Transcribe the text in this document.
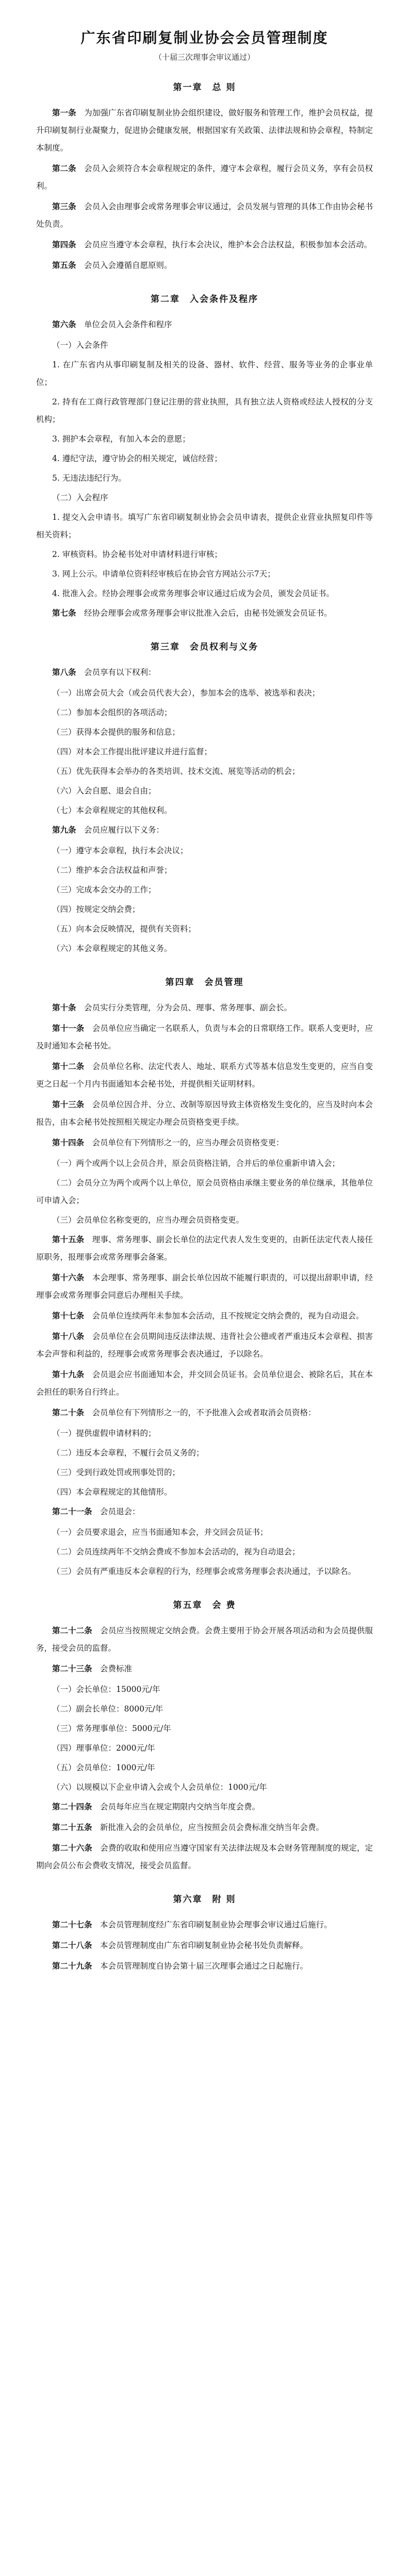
广东省印刷复制业协会会员管理制度
（十届三次理事会审议通过）
第一章　总 则

第一条　 为加强广东省印刷复制业协会组织建设，做好服务和管理工作，维护会员权益，提升印刷复制行业凝聚力，促进协会健康发展，根据国家有关政策、法律法规和协会章程，特制定本制度。

第二条　 会员入会须符合本会章程规定的条件，遵守本会章程，履行会员义务，享有会员权利。

第三条　 会员入会由理事会或常务理事会审议通过，会员发展与管理的具体工作由协会秘书处负责。

第四条　 会员应当遵守本会章程，执行本会决议，维护本会合法权益，积极参加本会活动。

第五条　 会员入会遵循自愿原则。

第二章　入会条件及程序

第六条　 单位会员入会条件和程序

（一）入会条件

1. 在广东省内从事印刷复制及相关的设备、器材、软件、经营、服务等业务的企事业单位；

2. 持有在工商行政管理部门登记注册的营业执照，具有独立法人资格或经法人授权的分支机构；

3. 拥护本会章程，有加入本会的意愿；

4. 遵纪守法，遵守协会的相关规定，诚信经营；

5. 无违法违纪行为。

（二）入会程序

1. 提交入会申请书。填写广东省印刷复制业协会会员申请表，提供企业营业执照复印件等相关资料；

2. 审核资料。协会秘书处对申请材料进行审核；

3. 网上公示。申请单位资料经审核后在协会官方网站公示7天；

4. 批准入会。经协会理事会或常务理事会审议通过后成为会员，颁发会员证书。

第七条　 经协会理事会或常务理事会审议批准入会后，由秘书处颁发会员证书。

第三章　会员权利与义务

第八条　 会员享有以下权利：

（一）出席会员大会（或会员代表大会），参加本会的选举、被选举和表决；

（二）参加本会组织的各项活动；

（三）获得本会提供的服务和信息；

（四）对本会工作提出批评建议并进行监督；

（五）优先获得本会举办的各类培训、技术交流、展览等活动的机会；

（六）入会自愿、退会自由；

（七）本会章程规定的其他权利。

第九条　 会员应履行以下义务：

（一）遵守本会章程，执行本会决议；

（二）维护本会合法权益和声誉；

（三）完成本会交办的工作；

（四）按规定交纳会费；

（五）向本会反映情况，提供有关资料；

（六）本会章程规定的其他义务。

第四章　会员管理

第十条　 会员实行分类管理，分为会员、理事、常务理事、副会长。

第十一条　 会员单位应当确定一名联系人，负责与本会的日常联络工作。联系人变更时，应及时通知本会秘书处。

第十二条　 会员单位名称、法定代表人、地址、联系方式等基本信息发生变更的，应当自变更之日起一个月内书面通知本会秘书处，并提供相关证明材料。

第十三条　 会员单位因合并、分立、改制等原因导致主体资格发生变化的，应当及时向本会报告，由本会秘书处按照相关规定办理会员资格变更手续。

第十四条　 会员单位有下列情形之一的，应当办理会员资格变更：

（一）两个或两个以上会员合并，原会员资格注销，合并后的单位重新申请入会；

（二）会员分立为两个或两个以上单位，原会员资格由承继主要业务的单位继承，其他单位可申请入会；

（三）会员单位名称变更的，应当办理会员资格变更。

第十五条　 理事、常务理事、副会长单位的法定代表人发生变更的，由新任法定代表人接任原职务，报理事会或常务理事会备案。

第十六条　 本会理事、常务理事、副会长单位因故不能履行职责的，可以提出辞职申请，经理事会或常务理事会同意后办理相关手续。

第十七条　 会员单位连续两年未参加本会活动，且不按规定交纳会费的，视为自动退会。

第十八条　 会员单位在会员期间违反法律法规、违背社会公德或者严重违反本会章程、损害本会声誉和利益的，经理事会或常务理事会表决通过，予以除名。

第十九条　 会员退会应书面通知本会，并交回会员证书。会员单位退会、被除名后，其在本会担任的职务自行终止。

第二十条　 会员单位有下列情形之一的，不予批准入会或者取消会员资格：

（一）提供虚假申请材料的；

（二）违反本会章程，不履行会员义务的；

（三）受到行政处罚或刑事处罚的；

（四）本会章程规定的其他情形。

第二十一条　 会员退会：

（一）会员要求退会，应当书面通知本会，并交回会员证书；

（二）会员连续两年不交纳会费或不参加本会活动的，视为自动退会；

（三）会员有严重违反本会章程的行为，经理事会或常务理事会表决通过，予以除名。

第五章　会 费

第二十二条　 会员应当按照规定交纳会费。会费主要用于协会开展各项活动和为会员提供服务，接受会员的监督。

第二十三条　 会费标准

（一）会长单位：15000元/年

（二）副会长单位：8000元/年

（三）常务理事单位：5000元/年

（四）理事单位：2000元/年

（五）会员单位：1000元/年

（六）以规模以下企业申请入会或个人会员单位：1000元/年

第二十四条　 会员每年应当在规定期限内交纳当年度会费。

第二十五条　 新批准入会的会员单位，应当按照会员会费标准交纳当年会费。

第二十六条　 会费的收取和使用应当遵守国家有关法律法规及本会财务管理制度的规定，定期向会员公布会费收支情况，接受会员监督。

第六章　附 则

第二十七条　 本会员管理制度经广东省印刷复制业协会理事会审议通过后施行。

第二十八条　 本会员管理制度由广东省印刷复制业协会秘书处负责解释。

第二十九条　 本会员管理制度自协会第十届三次理事会通过之日起施行。
